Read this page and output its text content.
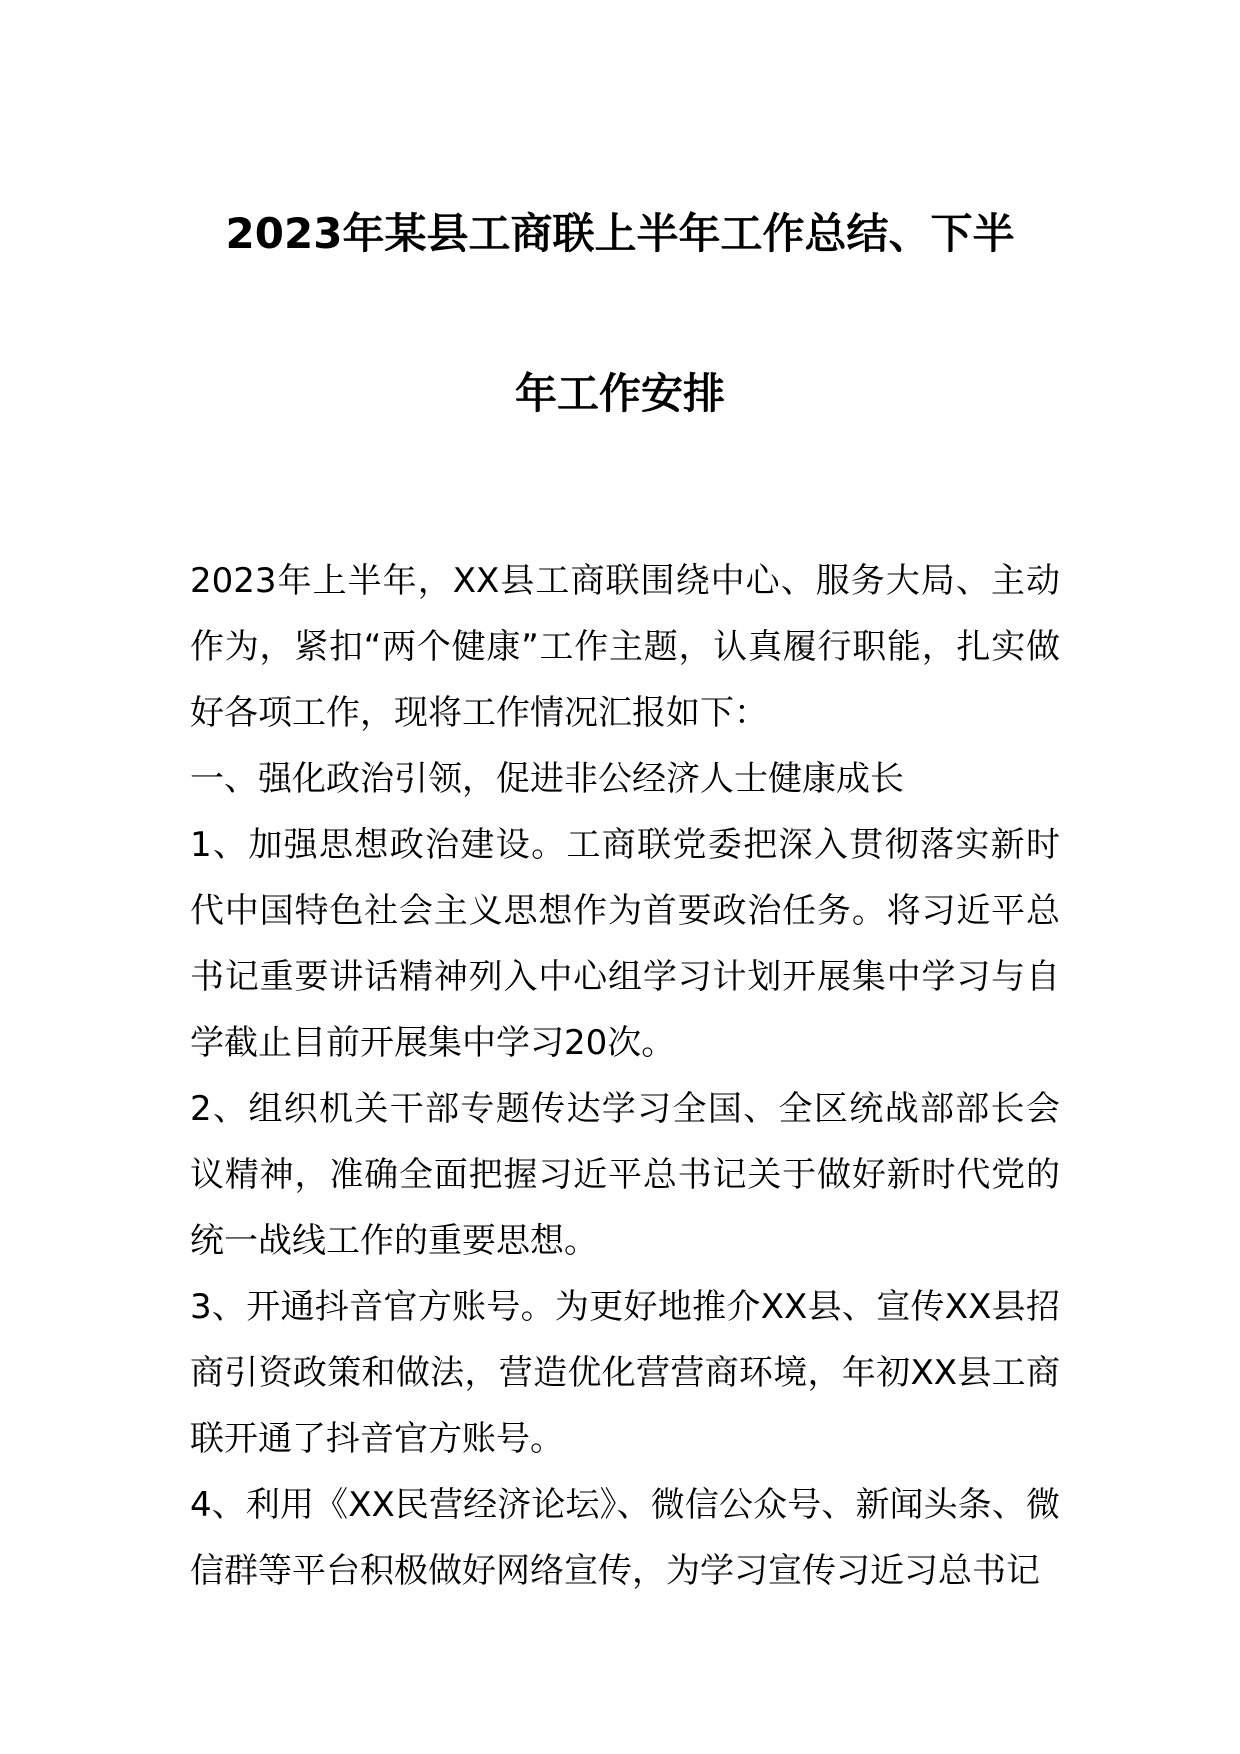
2023年某县工商联上半年工作总结、下半
年工作安排

2023年上半年，XX县工商联围绕中心、服务大局、主动作为，紧扣“两个健康”工作主题，认真履行职能，扎实做好各项工作，现将工作情况汇报如下：

一、强化政治引领，促进非公经济人士健康成长

1、加强思想政治建设。工商联党委把深入贯彻落实新时代中国特色社会主义思想作为首要政治任务。将习近平总书记重要讲话精神列入中心组学习计划开展集中学习与自学截止目前开展集中学习20次。

2、组织机关干部专题传达学习全国、全区统战部部长会议精神，准确全面把握习近平总书记关于做好新时代党的统一战线工作的重要思想。

3、开通抖音官方账号。为更好地推介XX县、宣传XX县招商引资政策和做法，营造优化营营商环境，年初XX县工商联开通了抖音官方账号。

4、利用《XX民营经济论坛》、微信公众号、新闻头条、微信群等平台积极做好网络宣传，为学习宣传习近习总书记
